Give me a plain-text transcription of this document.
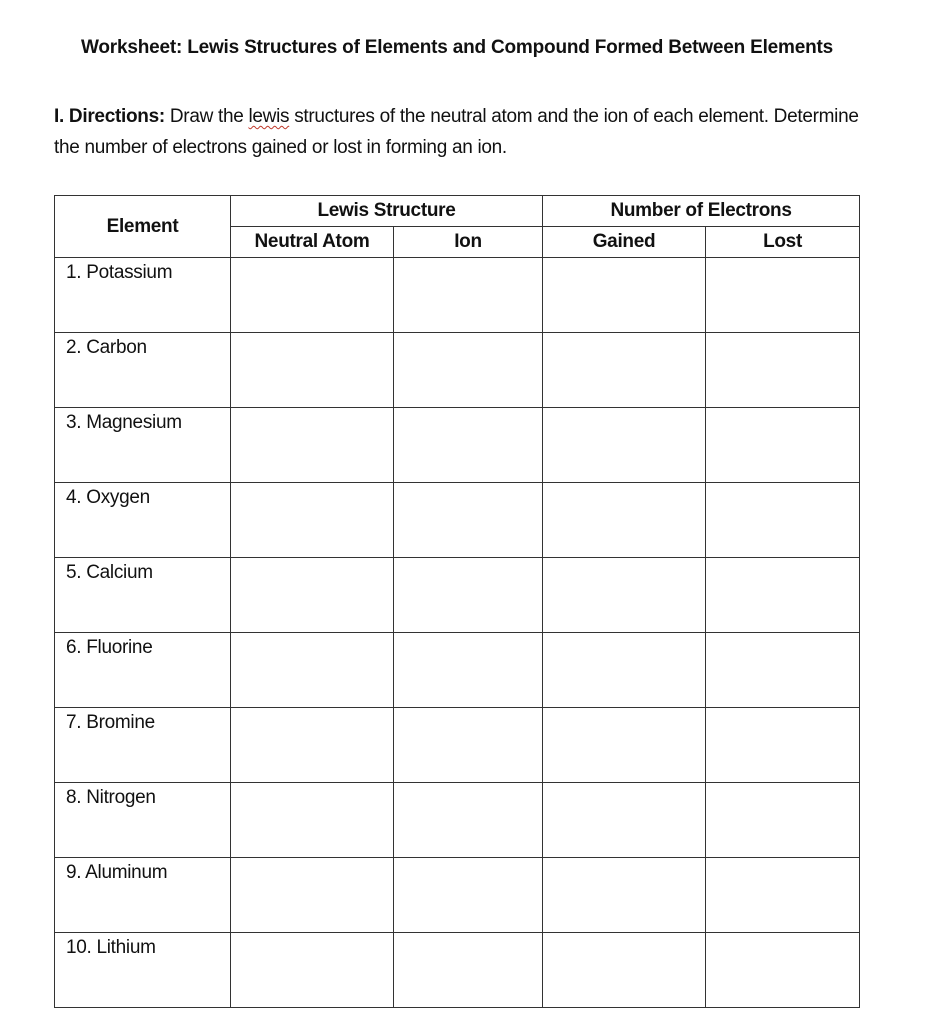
Worksheet: Lewis Structures of Elements and Compound Formed Between Elements
I. Directions: Draw the lewis structures of the neutral atom and the ion of each element. Determine the number of electrons gained or lost in forming an ion.
Element	Lewis Structure		Number of Electrons	
	Neutral Atom	Ion	Gained	Lost
1. Potassium				
2. Carbon				
3. Magnesium				
4. Oxygen				
5. Calcium				
6. Fluorine				
7. Bromine				
8. Nitrogen				
9. Aluminum				
10. Lithium				
